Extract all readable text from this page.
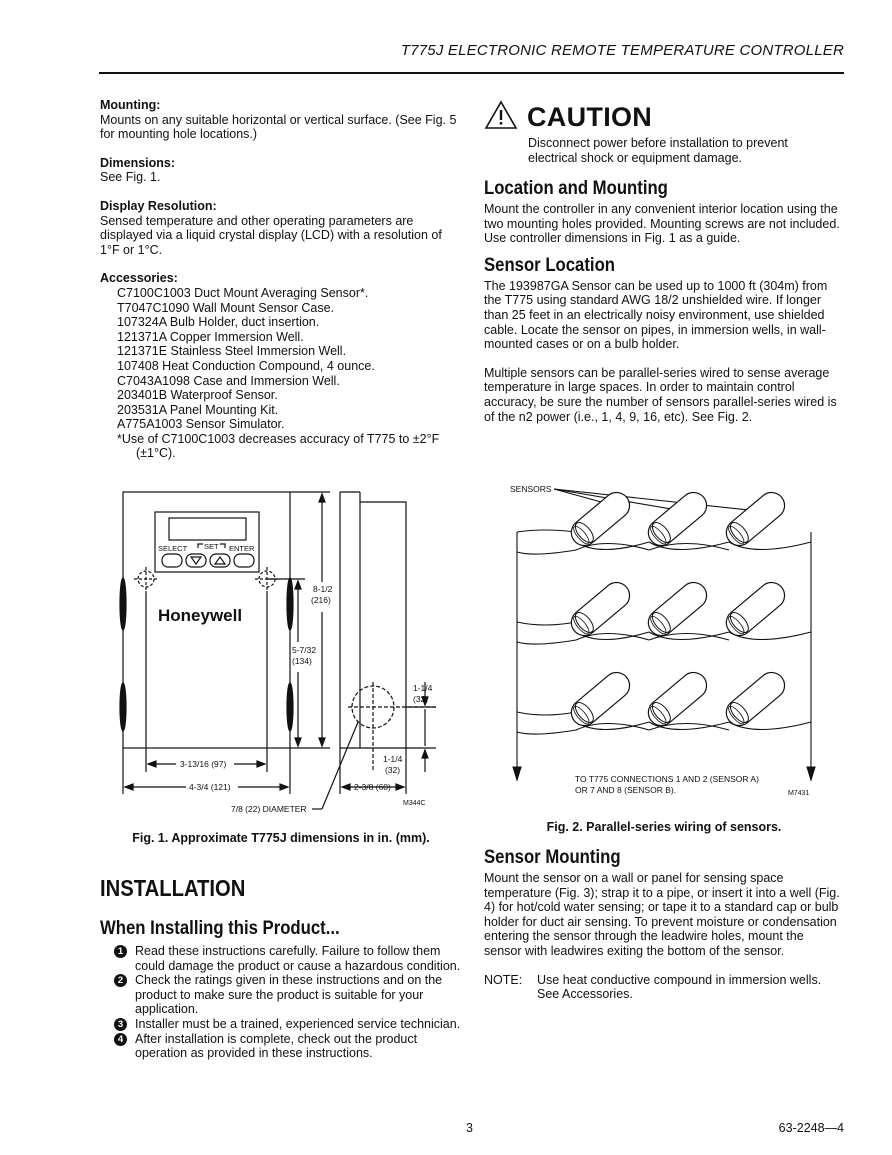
T775J ELECTRONIC REMOTE TEMPERATURE CONTROLLER
Mounting:
Mounts on any suitable horizontal or vertical surface. (See Fig. 5 for mounting hole locations.)
Dimensions:
See Fig. 1.
Display Resolution:
Sensed temperature and other operating parameters are displayed via a liquid crystal display (LCD) with a resolution of 1°F or 1°C.
Accessories:
C7100C1003 Duct Mount Averaging Sensor*.
T7047C1090 Wall Mount Sensor Case.
107324A Bulb Holder, duct insertion.
121371A Copper Immersion Well.
121371E Stainless Steel Immersion Well.
107408 Heat Conduction Compound, 4 ounce.
C7043A1098 Case and Immersion Well.
203401B Waterproof Sensor.
203531A Panel Mounting Kit.
A775A1003 Sensor Simulator.
*Use of C7100C1003 decreases accuracy of T775 to ±2°F
(±1°C).
SELECT SET ENTER
Honeywell
8-1/2
(216)
5-7/32
(134)
3-13/16 (97)
4-3/4 (121)
7/8 (22) DIAMETER
1-1/4
(32)
1-1/4
(32)
2-3/8 (60)
M344C
Fig. 1. Approximate T775J dimensions in in. (mm).
INSTALLATION
When Installing this Product...
1 Read these instructions carefully. Failure to follow them could damage the product or cause a hazardous condition.
2 Check the ratings given in these instructions and on the product to make sure the product is suitable for your application.
3 Installer must be a trained, experienced service technician.
4 After installation is complete, check out the product operation as provided in these instructions.
CAUTION
Disconnect power before installation to prevent electrical shock or equipment damage.
Location and Mounting
Mount the controller in any convenient interior location using the two mounting holes provided. Mounting screws are not included. Use controller dimensions in Fig. 1 as a guide.
Sensor Location
The 193987GA Sensor can be used up to 1000 ft (304m) from the T775 using standard AWG 18/2 unshielded wire. If longer than 25 feet in an electrically noisy environment, use shielded cable. Locate the sensor on pipes, in immersion wells, in wall-mounted cases or on a bulb holder.
Multiple sensors can be parallel-series wired to sense average temperature in large spaces. In order to maintain control accuracy, be sure the number of sensors parallel-series wired is of the n2 power (i.e., 1, 4, 9, 16, etc). See Fig. 2.
SENSORS
TO T775 CONNECTIONS 1 AND 2 (SENSOR A)
OR 7 AND 8 (SENSOR B).	M7431
Fig. 2. Parallel-series wiring of sensors.
Sensor Mounting
Mount the sensor on a wall or panel for sensing space temperature (Fig. 3); strap it to a pipe, or insert it into a well (Fig. 4) for hot/cold water sensing; or tape it to a standard cap or bulb holder for duct air sensing. To prevent moisture or condensation entering the sensor through the leadwire holes, mount the sensor with leadwires exiting the bottom of the sensor.
NOTE:	Use heat conductive compound in immersion wells. See Accessories.
3	63-2248—4
